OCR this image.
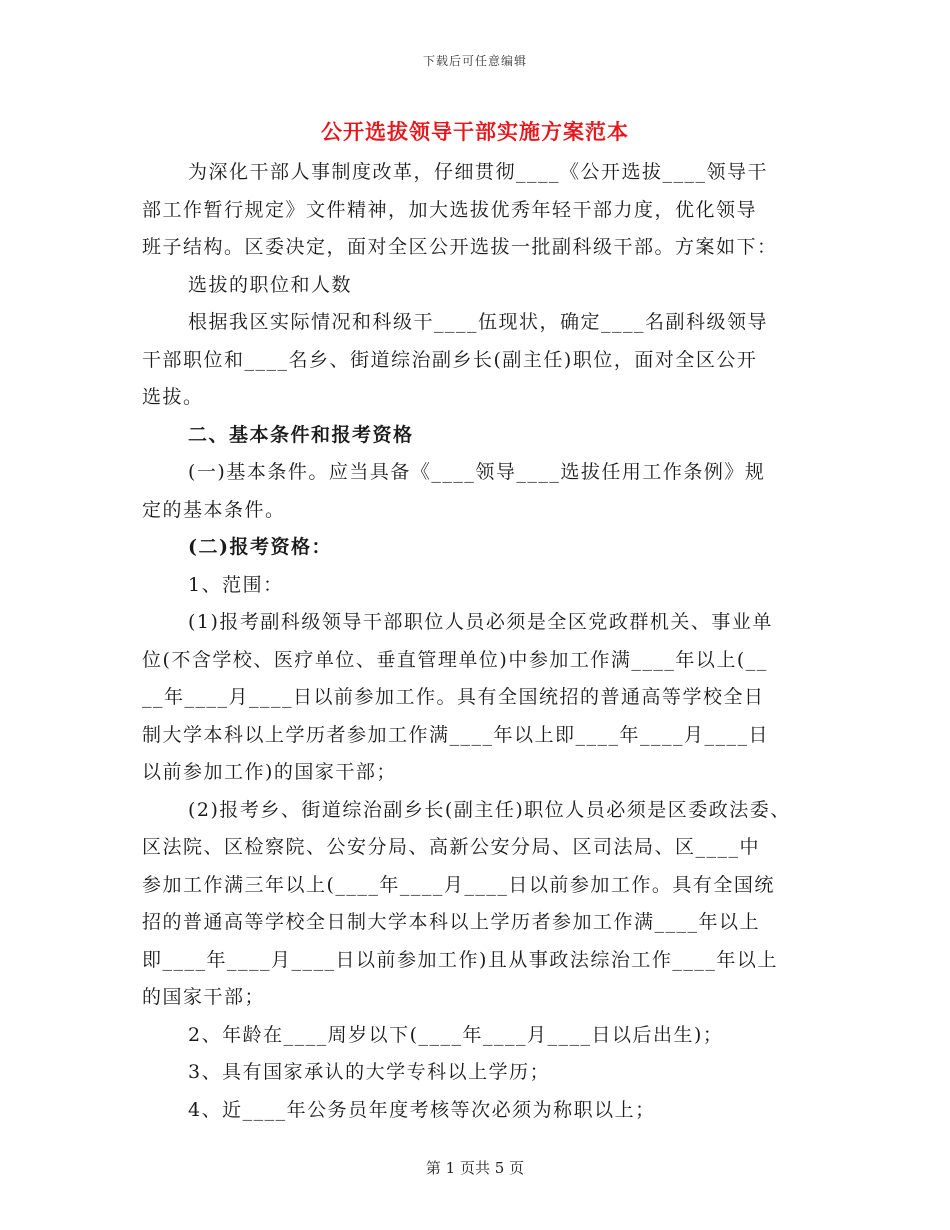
下载后可任意编辑
公开选拔领导干部实施方案范本
为深化干部人事制度改革，仔细贯彻____《公开选拔____领导干
部工作暂行规定》文件精神，加大选拔优秀年轻干部力度，优化领导
班子结构。区委决定，面对全区公开选拔一批副科级干部。方案如下：
选拔的职位和人数
根据我区实际情况和科级干____伍现状，确定____名副科级领导
干部职位和____名乡、街道综治副乡长(副主任)职位，面对全区公开
选拔。
二、基本条件和报考资格
(一)基本条件。应当具备《____领导____选拔任用工作条例》规
定的基本条件。
(二)报考资格：
1、范围：
(1)报考副科级领导干部职位人员必须是全区党政群机关、事业单
位(不含学校、医疗单位、垂直管理单位)中参加工作满____年以上(__
__年____月____日以前参加工作。具有全国统招的普通高等学校全日
制大学本科以上学历者参加工作满____年以上即____年____月____日
以前参加工作)的国家干部；
(2)报考乡、街道综治副乡长(副主任)职位人员必须是区委政法委、
区法院、区检察院、公安分局、高新公安分局、区司法局、区____中
参加工作满三年以上(____年____月____日以前参加工作。具有全国统
招的普通高等学校全日制大学本科以上学历者参加工作满____年以上
即____年____月____日以前参加工作)且从事政法综治工作____年以上
的国家干部；
2、年龄在____周岁以下(____年____月____日以后出生)；
3、具有国家承认的大学专科以上学历；
4、近____年公务员年度考核等次必须为称职以上；
第 1 页共 5 页
